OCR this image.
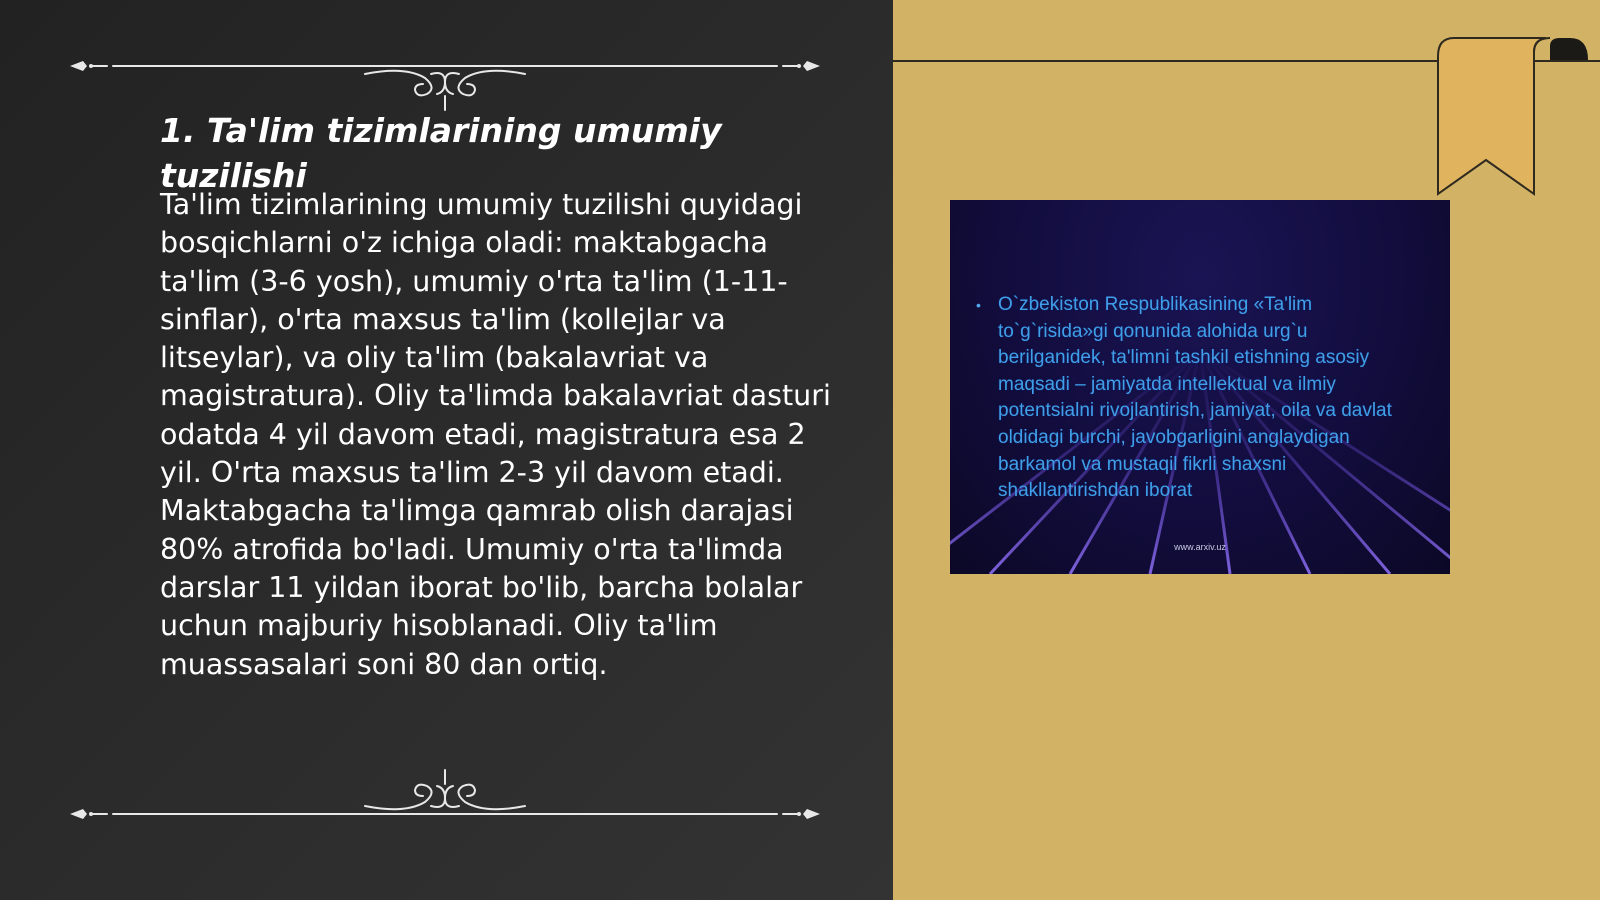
1. Ta'lim tizimlarining umumiy tuzilishi

Ta'lim tizimlarining umumiy tuzilishi quyidagi bosqichlarni o'z ichiga oladi: maktabgacha ta'lim (3-6 yosh), umumiy o'rta ta'lim (1-11-sinflar), o'rta maxsus ta'lim (kollejlar va litseylar), va oliy ta'lim (bakalavriat va magistratura). Oliy ta'limda bakalavriat dasturi odatda 4 yil davom etadi, magistratura esa 2 yil. O'rta maxsus ta'lim 2-3 yil davom etadi. Maktabgacha ta'limga qamrab olish darajasi 80% atrofida bo'ladi. Umumiy o'rta ta'limda darslar 11 yildan iborat bo'lib, barcha bolalar uchun majburiy hisoblanadi. Oliy ta'lim muassasalari soni 80 dan ortiq.

• O`zbekiston Respublikasining «Ta'lim to`g`risida»gi qonunida alohida urg`u berilganidek, ta'limni tashkil etishning asosiy maqsadi – jamiyatda intellektual va ilmiy potentsialni rivojlantirish, jamiyat, oila va davlat oldidagi burchi, javobgarligini anglaydigan barkamol va mustaqil fikrli shaxsni shakllantirishdan iborat

www.arxiv.uz
